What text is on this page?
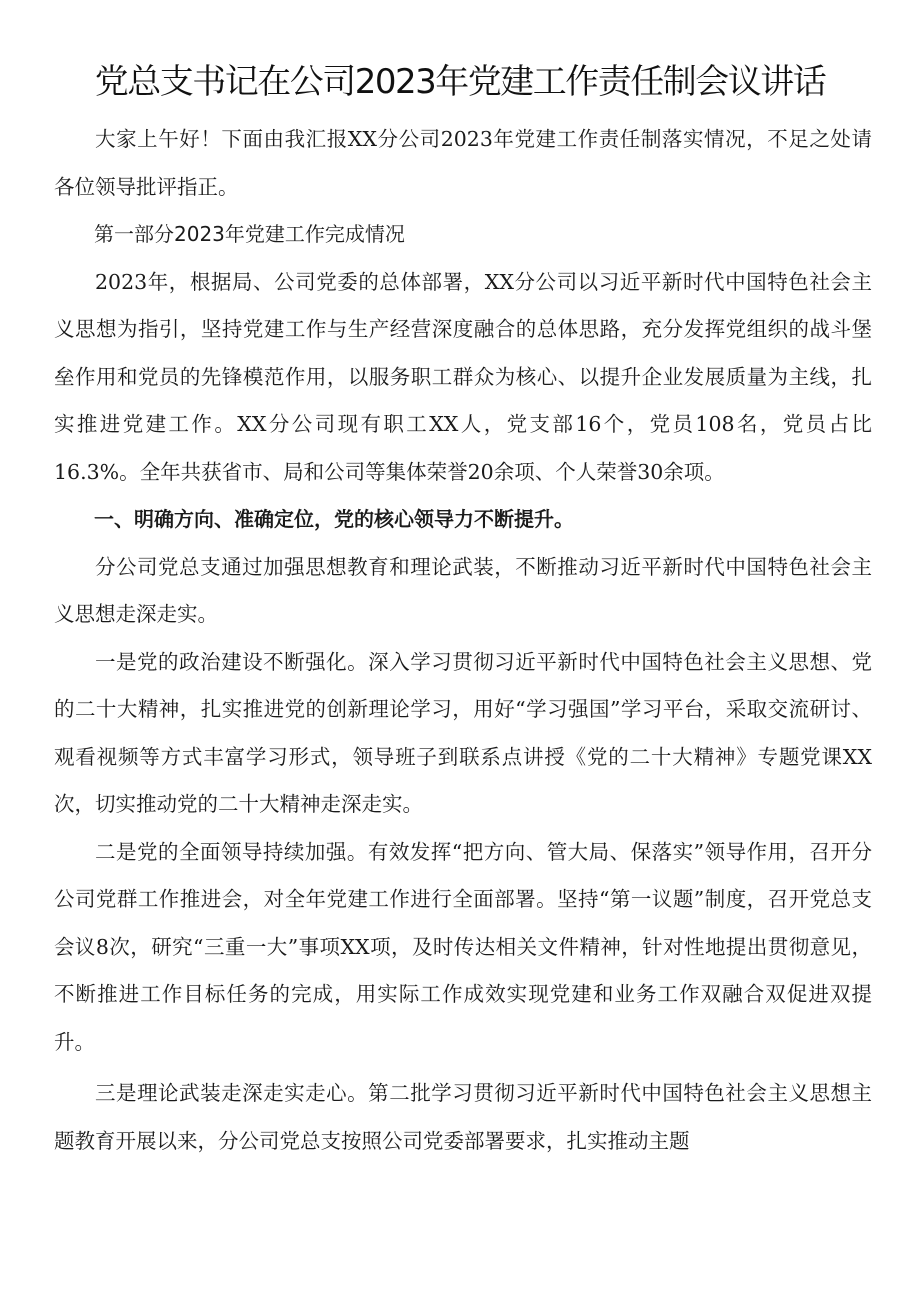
党总支书记在公司2023年党建工作责任制会议讲话

大家上午好！下面由我汇报XX分公司2023年党建工作责任制落实情况，不足之处请各位领导批评指正。

第一部分2023年党建工作完成情况

2023年，根据局、公司党委的总体部署，XX分公司以习近平新时代中国特色社会主义思想为指引，坚持党建工作与生产经营深度融合的总体思路，充分发挥党组织的战斗堡垒作用和党员的先锋模范作用，以服务职工群众为核心、以提升企业发展质量为主线，扎实推进党建工作。XX分公司现有职工XX人，党支部16个，党员108名，党员占比16.3%。全年共获省市、局和公司等集体荣誉20余项、个人荣誉30余项。

一、明确方向、准确定位，党的核心领导力不断提升。

分公司党总支通过加强思想教育和理论武装，不断推动习近平新时代中国特色社会主义思想走深走实。

一是党的政治建设不断强化。深入学习贯彻习近平新时代中国特色社会主义思想、党的二十大精神，扎实推进党的创新理论学习，用好“学习强国”学习平台，采取交流研讨、观看视频等方式丰富学习形式，领导班子到联系点讲授《党的二十大精神》专题党课XX次，切实推动党的二十大精神走深走实。

二是党的全面领导持续加强。有效发挥“把方向、管大局、保落实”领导作用，召开分公司党群工作推进会，对全年党建工作进行全面部署。坚持“第一议题”制度，召开党总支会议8次，研究“三重一大”事项XX项，及时传达相关文件精神，针对性地提出贯彻意见，不断推进工作目标任务的完成，用实际工作成效实现党建和业务工作双融合双促进双提升。

三是理论武装走深走实走心。第二批学习贯彻习近平新时代中国特色社会主义思想主题教育开展以来，分公司党总支按照公司党委部署要求，扎实推动主题
